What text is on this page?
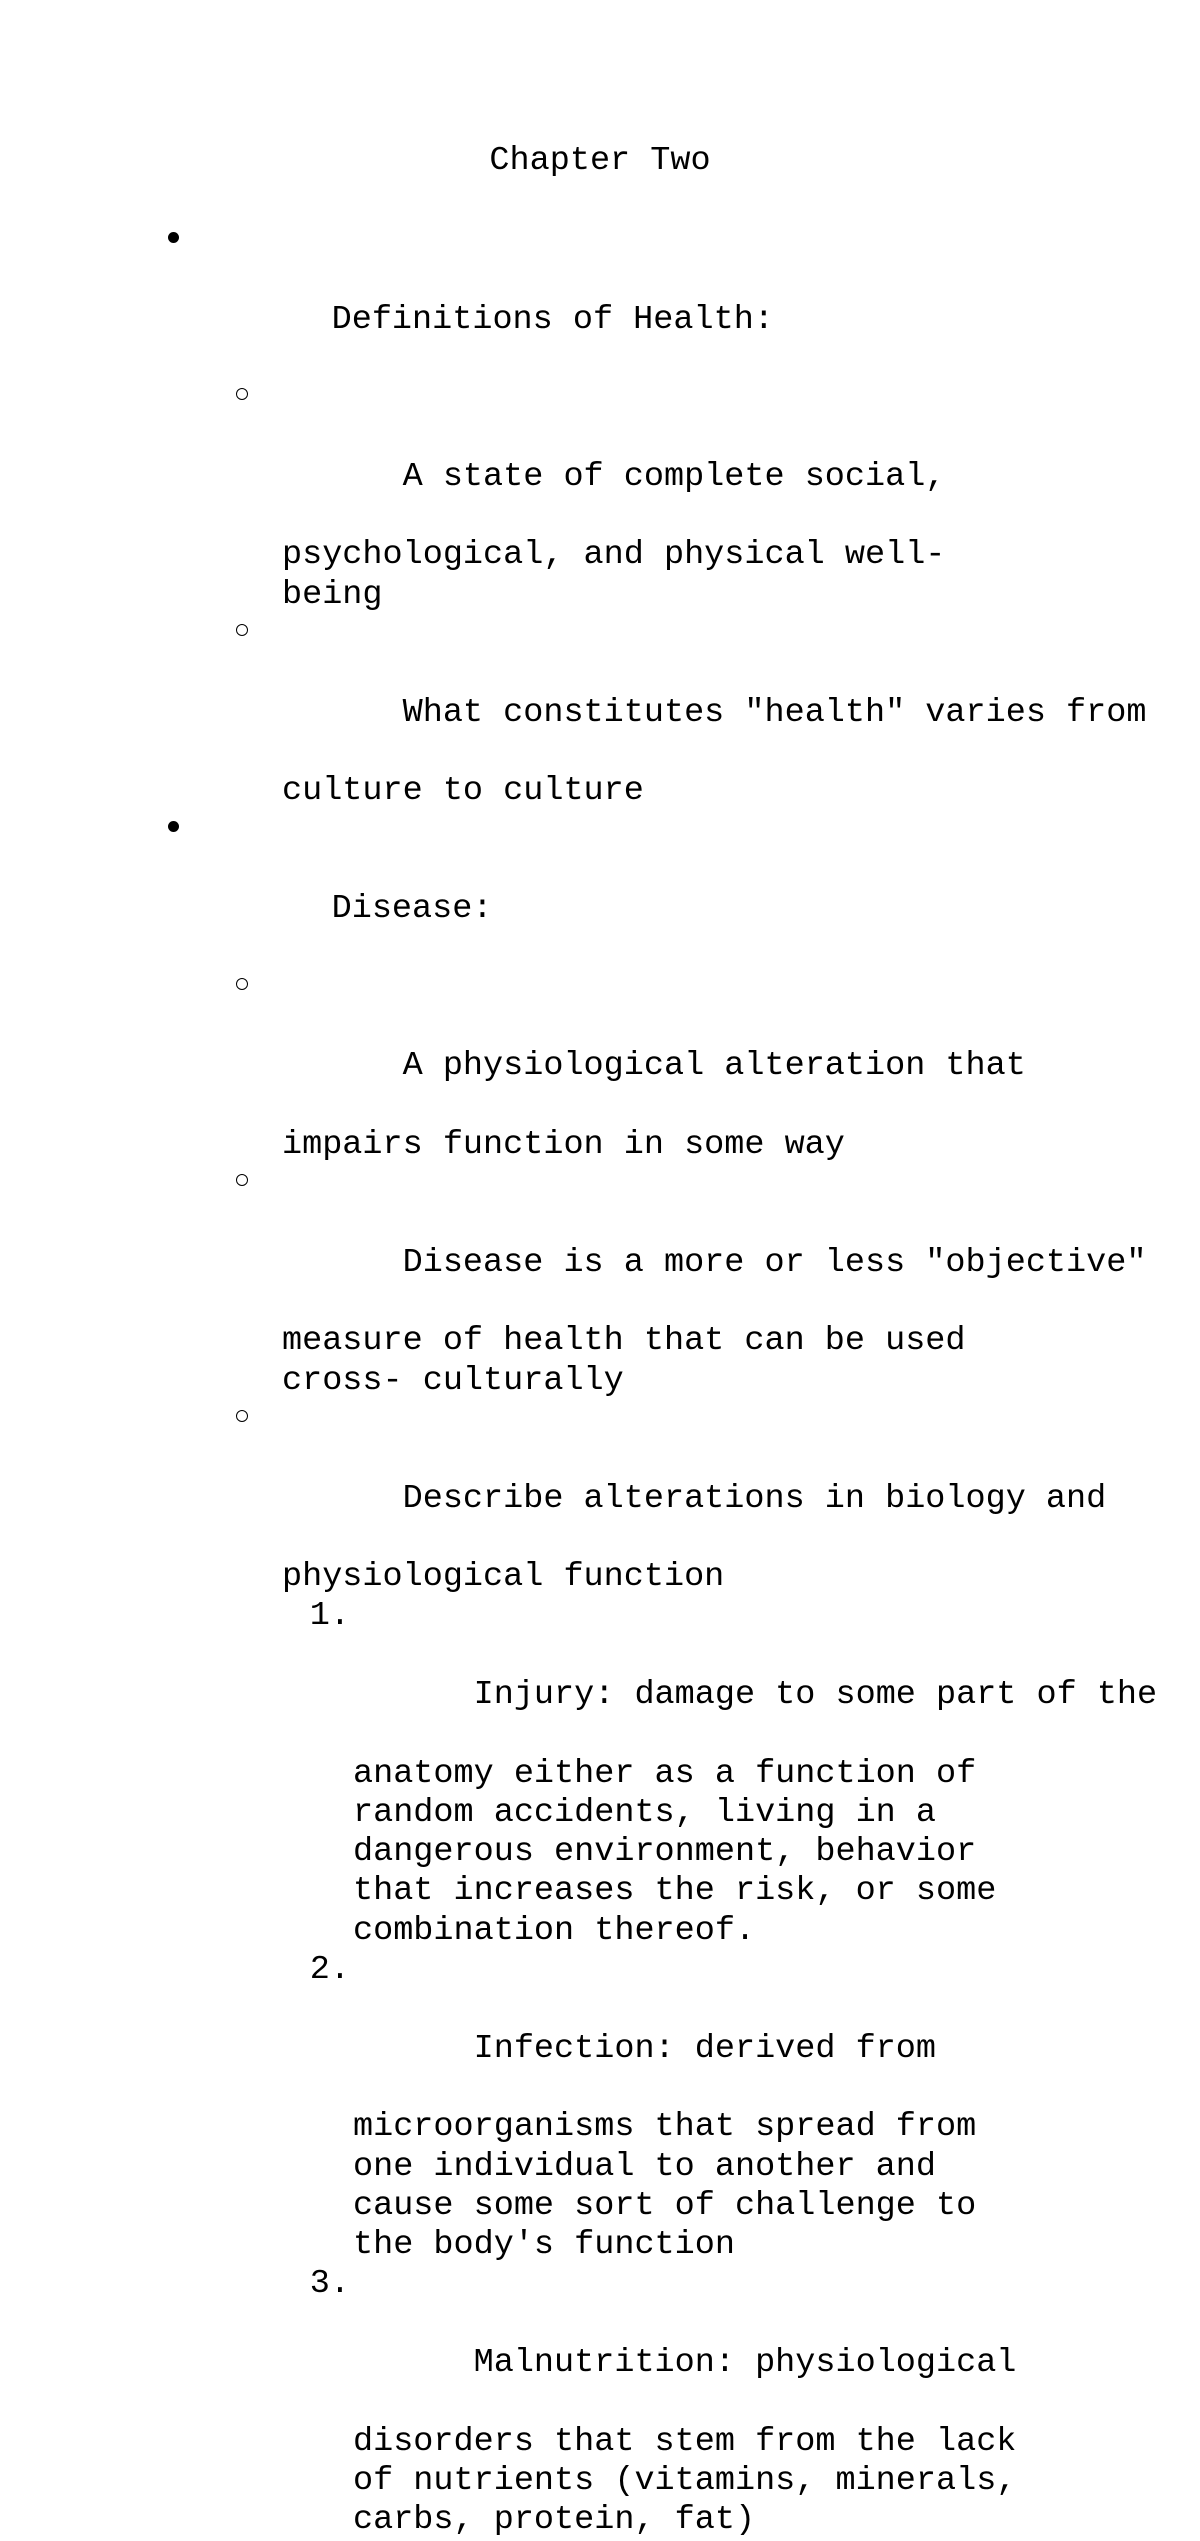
Chapter Two

Definitions of Health:

A state of complete social,

psychological, and physical well-
being

What constitutes "health" varies from

culture to culture

Disease:

A physiological alteration that

impairs function in some way

Disease is a more or less "objective"

measure of health that can be used
cross- culturally

Describe alterations in biology and

physiological function

1.

Injury: damage to some part of the

anatomy either as a function of
random accidents, living in a
dangerous environment, behavior
that increases the risk, or some
combination thereof.

2.

Infection: derived from

microorganisms that spread from
one individual to another and
cause some sort of challenge to
the body's function

3.

Malnutrition: physiological

disorders that stem from the lack
of nutrients (vitamins, minerals,
carbs, protein, fat)
